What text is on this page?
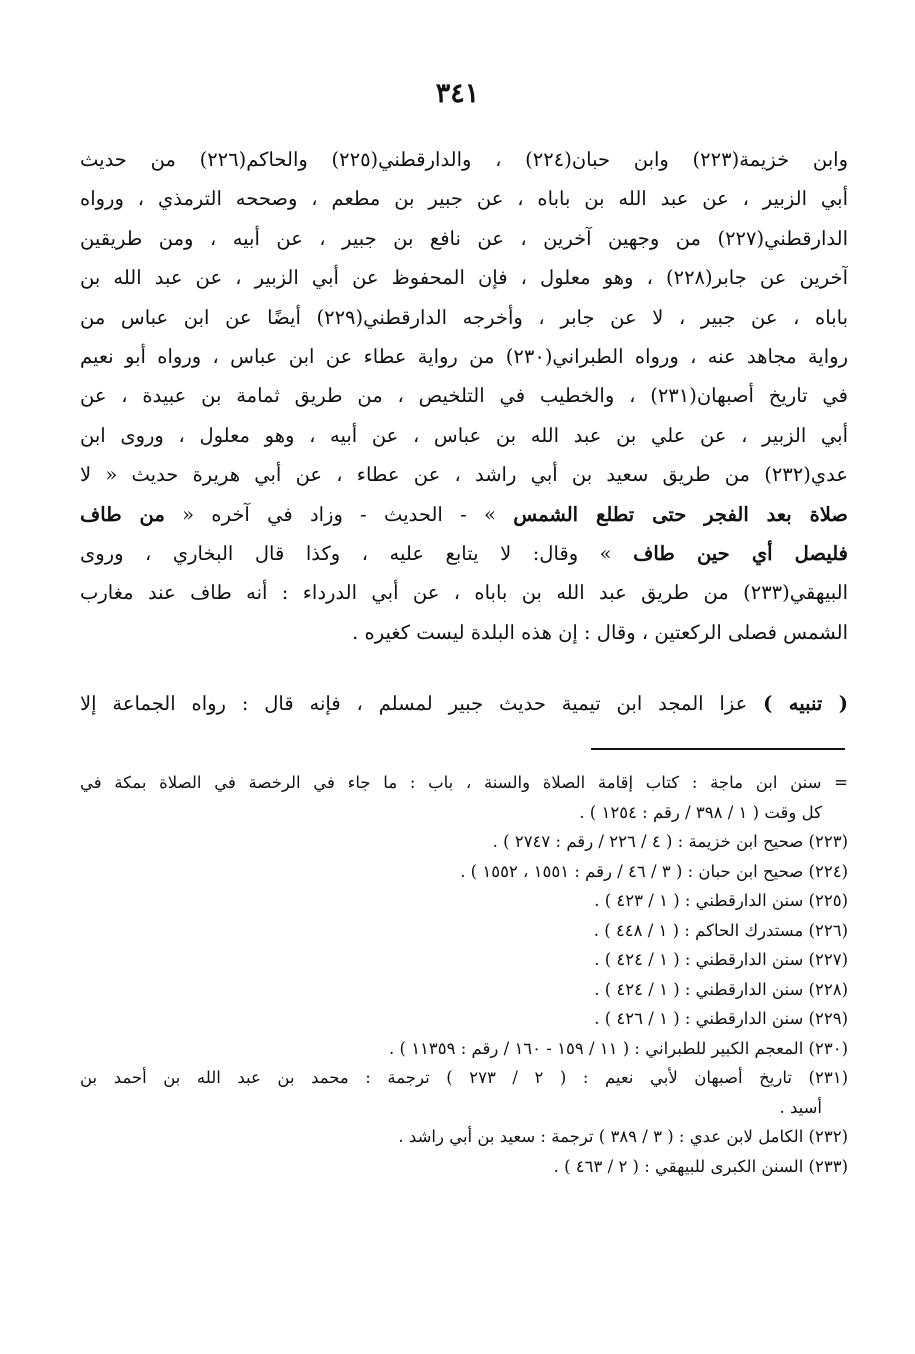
٣٤١
وابن خزيمة(٢٢٣) وابن حبان(٢٢٤) ، والدارقطني(٢٢٥) والحاكم(٢٢٦) من حديث
أبي الزبير ، عن عبد الله بن باباه ، عن جبير بن مطعم ، وصححه الترمذي ، ورواه
الدارقطني(٢٢٧) من وجهين آخرين ، عن نافع بن جبير ، عن أبيه ، ومن طريقين
آخرين عن جابر(٢٢٨) ، وهو معلول ، فإن المحفوظ عن أبي الزبير ، عن عبد الله بن
باباه ، عن جبير ، لا عن جابر ، وأخرجه الدارقطني(٢٢٩) أيضًا عن ابن عباس من
رواية مجاهد عنه ، ورواه الطبراني(٢٣٠) من رواية عطاء عن ابن عباس ، ورواه أبو نعيم
في تاريخ أصبهان(٢٣١) ، والخطيب في التلخيص ، من طريق ثمامة بن عبيدة ، عن
أبي الزبير ، عن علي بن عبد الله بن عباس ، عن أبيه ، وهو معلول ، وروى ابن
عدي(٢٣٢) من طريق سعيد بن أبي راشد ، عن عطاء ، عن أبي هريرة حديث « لا
صلاة بعد الفجر حتى تطلع الشمس » - الحديث - وزاد في آخره « من طاف
فليصل أي حين طاف » وقال: لا يتابع عليه ، وكذا قال البخاري ، وروى
البيهقي(٢٣٣) من طريق عبد الله بن باباه ، عن أبي الدرداء : أنه طاف عند مغارب
الشمس فصلى الركعتين ، وقال : إن هذه البلدة ليست كغيره .
( تنبيه ) عزا المجد ابن تيمية حديث جبير لمسلم ، فإنه قال : رواه الجماعة إلا
= سنن ابن ماجة : كتاب إقامة الصلاة والسنة ، باب : ما جاء في الرخصة في الصلاة بمكة في
كل وقت ( ١ / ٣٩٨ / رقم : ١٢٥٤ ) .
(٢٢٣) صحيح ابن خزيمة : ( ٤ / ٢٢٦ / رقم : ٢٧٤٧ ) .
(٢٢٤) صحيح ابن حبان : ( ٣ / ٤٦ / رقم : ١٥٥١ ، ١٥٥٢ ) .
(٢٢٥) سنن الدارقطني : ( ١ / ٤٢٣ ) .
(٢٢٦) مستدرك الحاكم : ( ١ / ٤٤٨ ) .
(٢٢٧) سنن الدارقطني : ( ١ / ٤٢٤ ) .
(٢٢٨) سنن الدارقطني : ( ١ / ٤٢٤ ) .
(٢٢٩) سنن الدارقطني : ( ١ / ٤٢٦ ) .
(٢٣٠) المعجم الكبير للطبراني : ( ١١ / ١٥٩ - ١٦٠ / رقم : ١١٣٥٩ ) .
(٢٣١) تاريخ أصبهان لأبي نعيم : ( ٢ / ٢٧٣ ) ترجمة : محمد بن عبد الله بن أحمد بن
أسيد .
(٢٣٢) الكامل لابن عدي : ( ٣ / ٣٨٩ ) ترجمة : سعيد بن أبي راشد .
(٢٣٣) السنن الكبرى للبيهقي : ( ٢ / ٤٦٣ ) .
